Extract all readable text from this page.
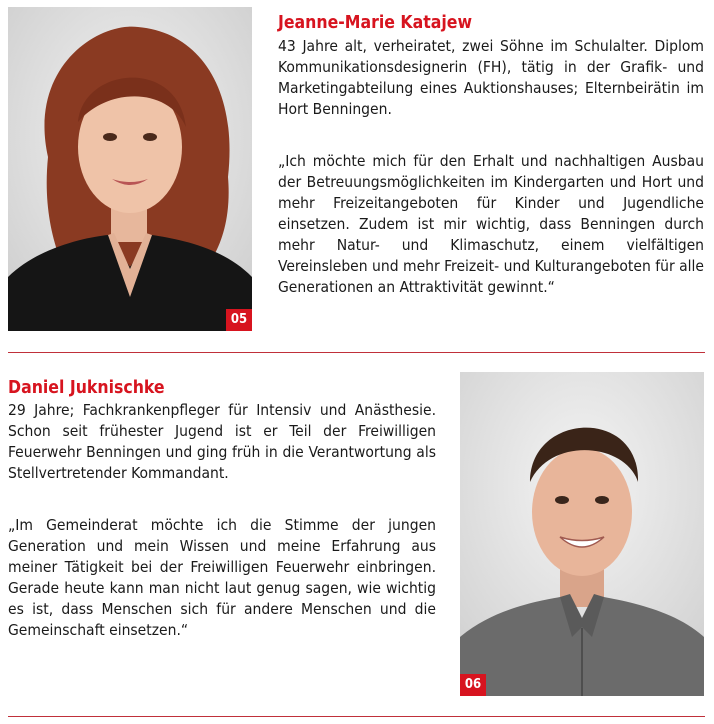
05
Jeanne-Marie Katajew

43 Jahre alt, verheiratet, zwei Söhne im Schulalter. Diplom Kommunikationsdesignerin (FH), tätig in der Grafik- und Marketingabteilung eines Auktionshauses; Elternbeirätin im Hort Benningen.

„Ich möchte mich für den Erhalt und nachhaltigen Ausbau der Betreuungsmöglichkeiten im Kindergarten und Hort und mehr Freizeitangeboten für Kinder und Jugendliche einsetzen. Zudem ist mir wichtig, dass Benningen durch mehr Natur- und Klimaschutz, einem vielfältigen Vereinsleben und mehr Freizeit- und Kulturangeboten für alle Generationen an Attraktivität gewinnt.“

Daniel Juknischke

29 Jahre; Fachkrankenpfleger für Intensiv und Anästhesie. Schon seit frühester Jugend ist er Teil der Freiwilligen Feuerwehr Benningen und ging früh in die Verantwortung als Stellvertretender Kommandant.

„Im Gemeinderat möchte ich die Stimme der jungen Generation und mein Wissen und meine Erfahrung aus meiner Tätigkeit bei der Freiwilligen Feuerwehr einbringen. Gerade heute kann man nicht laut genug sagen, wie wichtig es ist, dass Menschen sich für andere Menschen und die Gemeinschaft einsetzen.“

06
